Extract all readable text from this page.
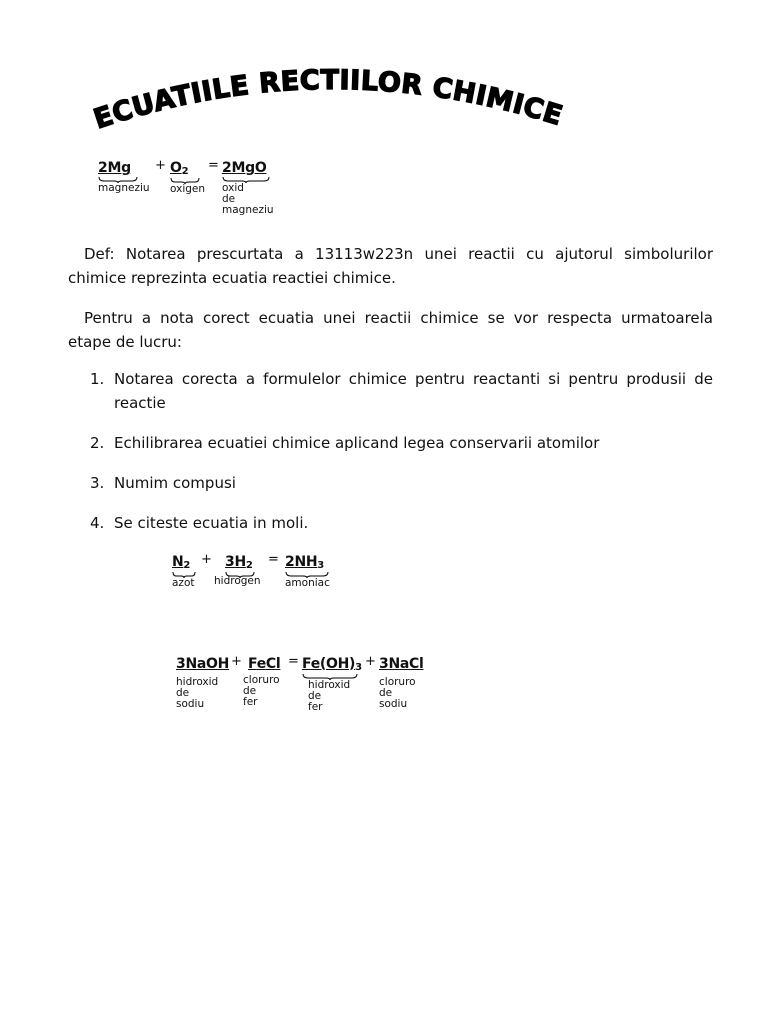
ECUATIILE RECTIILOR CHIMICE
2Mg
magneziu
+ $O_2$
oxigen
= 2MgO
oxid
de
magneziu
Def: Notarea prescurtata a 13113w223n unei reactii cu ajutorul simbolurilor chimice reprezinta ecuatia reactiei chimice.
Pentru a nota corect ecuatia unei reactii chimice se vor respecta urmatoarela etape de lucru:
1. Notarea corecta a formulelor chimice pentru reactanti si pentru produsii de reactie
2. Echilibrarea ecuatiei chimice aplicand legea conservarii atomilor
3. Numim compusi
4. Se citeste ecuatia in moli.
$N_2$
azot
+ $3H_2$
hidrogen
= $2NH_3$
amoniac
3NaOH
hidroxid
de
sodiu
+ FeCl
cloruro
de
fer
= $Fe(OH)_3$
hidroxid
de
fer
+ 3NaCl
cloruro
de
sodiu
